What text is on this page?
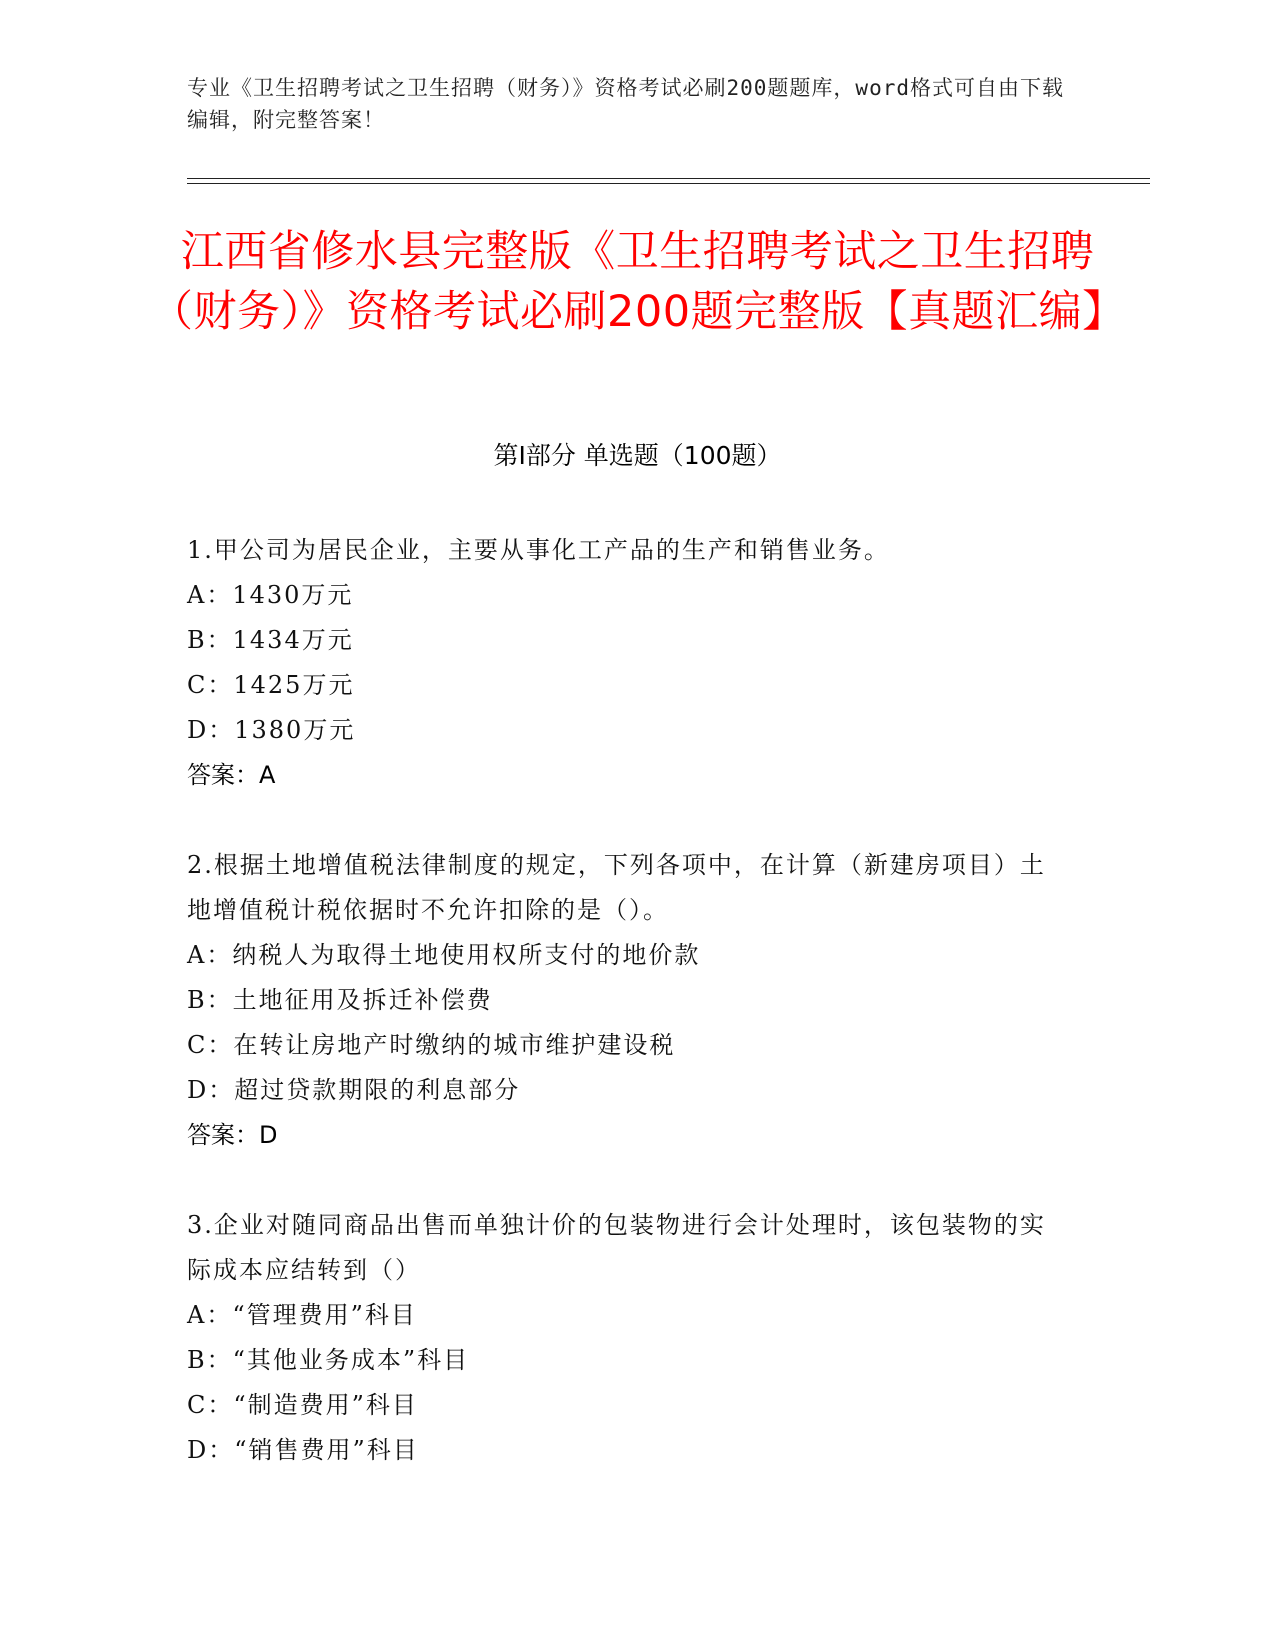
专业《卫生招聘考试之卫生招聘（财务）》资格考试必刷200题题库，word格式可自由下载编辑，附完整答案！
江西省修水县完整版《卫生招聘考试之卫生招聘（财务）》资格考试必刷200题完整版【真题汇编】
第I部分 单选题（100题）

1.甲公司为居民企业，主要从事化工产品的生产和销售业务。

A：1430万元

B：1434万元

C：1425万元

D：1380万元

答案：A

2.根据土地增值税法律制度的规定，下列各项中，在计算（新建房项目）土地增值税计税依据时不允许扣除的是（）。

A：纳税人为取得土地使用权所支付的地价款

B：土地征用及拆迁补偿费

C：在转让房地产时缴纳的城市维护建设税

D：超过贷款期限的利息部分

答案：D

3.企业对随同商品出售而单独计价的包装物进行会计处理时，该包装物的实际成本应结转到（）

A：“管理费用”科目

B：“其他业务成本”科目

C：“制造费用”科目

D：“销售费用”科目
